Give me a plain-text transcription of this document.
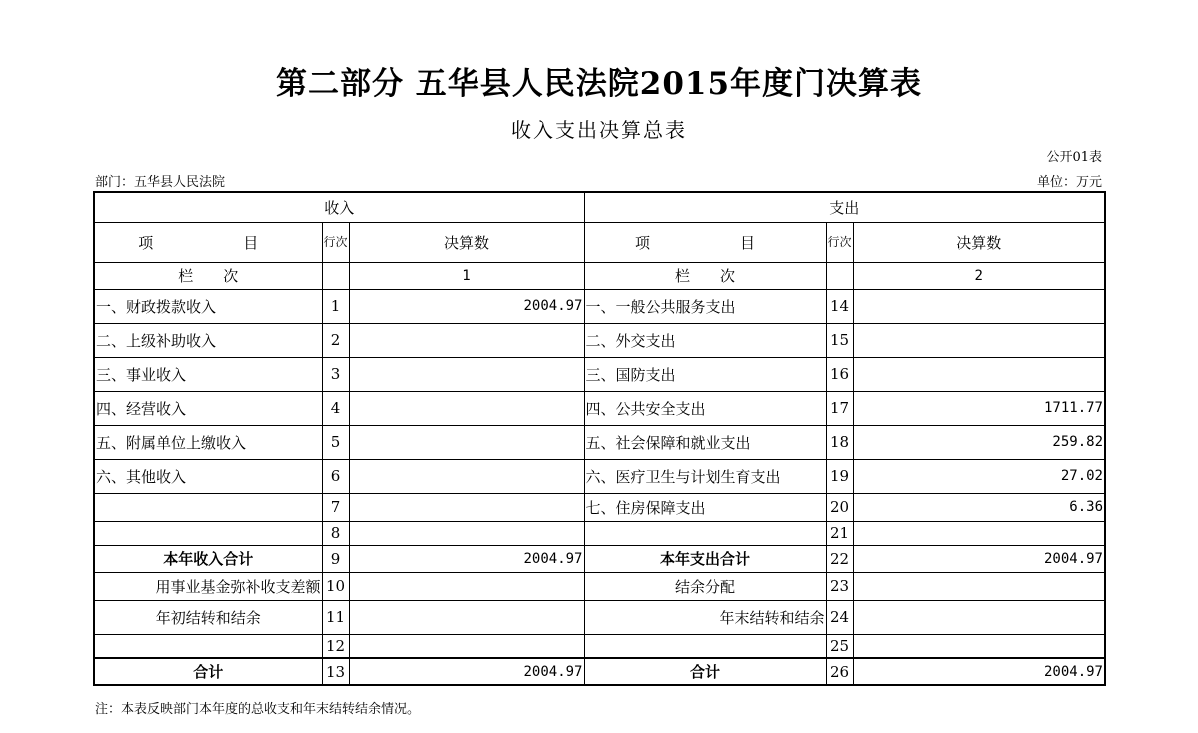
第二部分 五华县人民法院2015年度门决算表
收入支出决算总表
公开01表
部门：五华县人民法院	单位：万元
收入			支出		
项　　目	行次	决算数	项　　目	行次	决算数
栏　　次		1	栏　　次		2
一、财政拨款收入	1	2004.97	一、一般公共服务支出	14	
二、上级补助收入	2		二、外交支出	15	
三、事业收入	3		三、国防支出	16	
四、经营收入	4		四、公共安全支出	17	1711.77
五、附属单位上缴收入	5		五、社会保障和就业支出	18	259.82
六、其他收入	6		六、医疗卫生与计划生育支出	19	27.02
	7		七、住房保障支出	20	6.36
	8			21	
本年收入合计	9	2004.97	本年支出合计	22	2004.97
用事业基金弥补收支差额	10		结余分配	23	
年初结转和结余	11		年末结转和结余	24	
	12			25	
合计	13	2004.97	合计	26	2004.97
注：本表反映部门本年度的总收支和年末结转结余情况。
